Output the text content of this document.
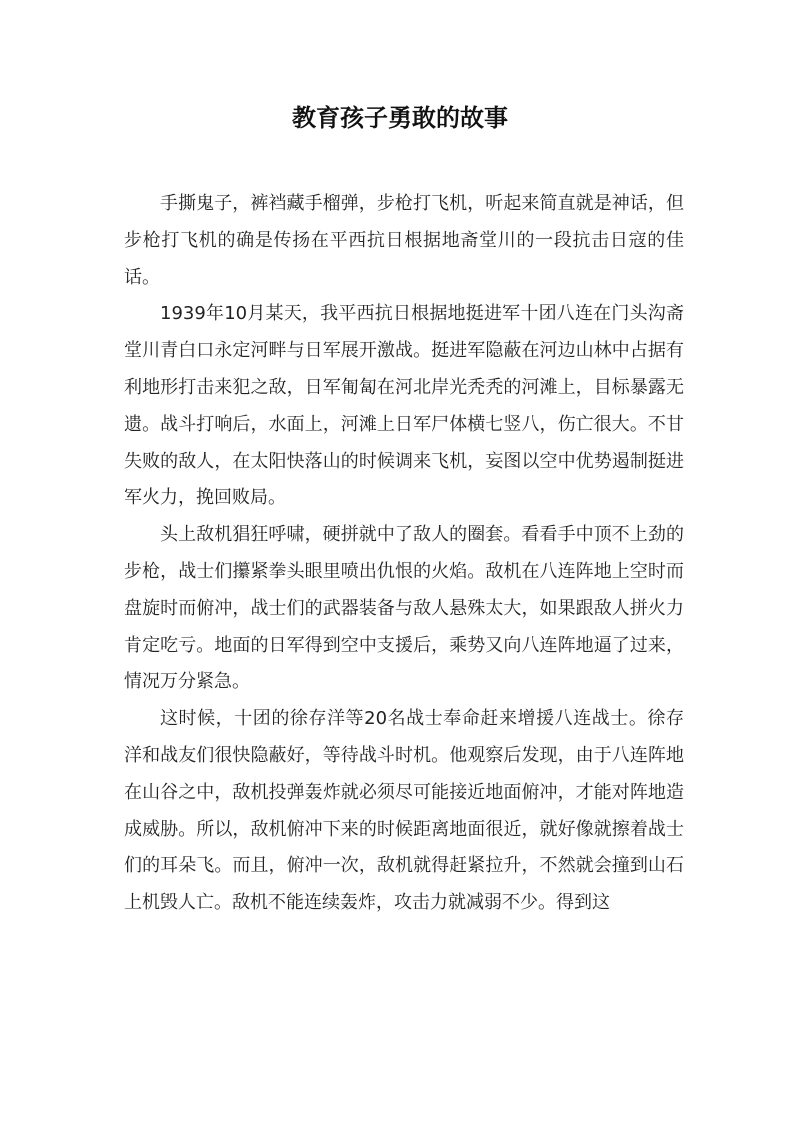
教育孩子勇敢的故事

手撕鬼子，裤裆藏手榴弹，步枪打飞机，听起来简直就是神话，但步枪打飞机的确是传扬在平西抗日根据地斋堂川的一段抗击日寇的佳话。

1939年10月某天，我平西抗日根据地挺进军十团八连在门头沟斋堂川青白口永定河畔与日军展开激战。挺进军隐蔽在河边山林中占据有利地形打击来犯之敌，日军匍匐在河北岸光秃秃的河滩上，目标暴露无遗。战斗打响后，水面上，河滩上日军尸体横七竖八，伤亡很大。不甘失败的敌人，在太阳快落山的时候调来飞机，妄图以空中优势遏制挺进军火力，挽回败局。

头上敌机猖狂呼啸，硬拼就中了敌人的圈套。看看手中顶不上劲的步枪，战士们攥紧拳头眼里喷出仇恨的火焰。敌机在八连阵地上空时而盘旋时而俯冲，战士们的武器装备与敌人悬殊太大，如果跟敌人拼火力肯定吃亏。地面的日军得到空中支援后，乘势又向八连阵地逼了过来，情况万分紧急。

这时候，十团的徐存洋等20名战士奉命赶来增援八连战士。徐存洋和战友们很快隐蔽好，等待战斗时机。他观察后发现，由于八连阵地在山谷之中，敌机投弹轰炸就必须尽可能接近地面俯冲，才能对阵地造成威胁。所以，敌机俯冲下来的时候距离地面很近，就好像就擦着战士们的耳朵飞。而且，俯冲一次，敌机就得赶紧拉升，不然就会撞到山石上机毁人亡。敌机不能连续轰炸，攻击力就减弱不少。得到这
